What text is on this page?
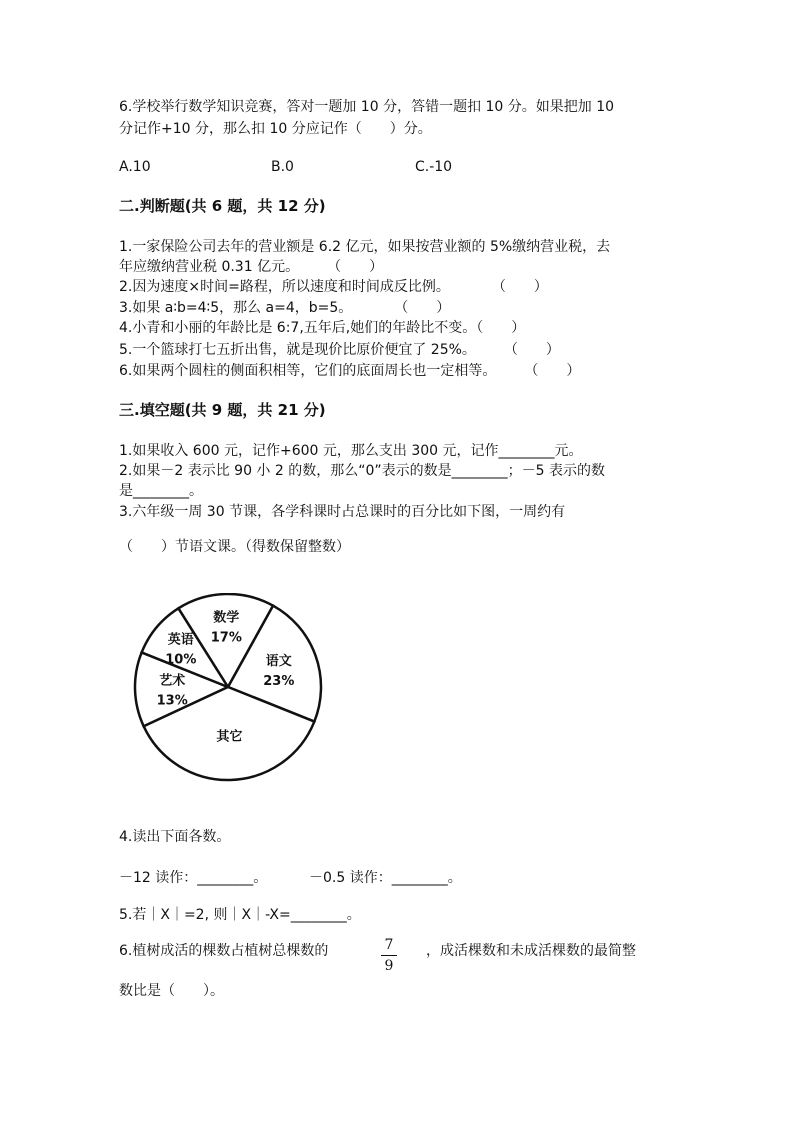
6.学校举行数学知识竞赛，答对一题加 10 分，答错一题扣 10 分。如果把加 10
分记作+10 分，那么扣 10 分应记作（　　）分。
A.10	B.0	C.-10
二.判断题(共 6 题，共 12 分)
1.一家保险公司去年的营业额是 6.2 亿元，如果按营业额的 5%缴纳营业税，去
年应缴纳营业税 0.31 亿元。　　　（　　）
2.因为速度×时间=路程，所以速度和时间成反比例。　　　　（　　）
3.如果 a∶b=4∶5，那么 a=4，b=5。　　　　（　　）
4.小青和小丽的年龄比是 6:7,五年后,她们的年龄比不变。（　　）
5.一个篮球打七五折出售，就是现价比原价便宜了 25%。　　　（　　）
6.如果两个圆柱的侧面积相等，它们的底面周长也一定相等。　　　（　　）
三.填空题(共 9 题，共 21 分)
1.如果收入 600 元，记作+600 元，那么支出 300 元，记作________元。
2.如果－2 表示比 90 小 2 的数，那么“0”表示的数是________；－5 表示的数
是________。
3.六年级一周 30 节课，各学科课时占总课时的百分比如下图，一周约有
（　　）节语文课。（得数保留整数）
艺术
13%
英语
10%
数学
17%
语文
23%
其它
4.读出下面各数。
－12 读作：________。	－0.5 读作：________。
5.若｜X｜=2, 则｜X｜-X=________。
6.植树成活的棵数占植树总棵数的	7
9
，成活棵数和未成活棵数的最简整
数比是（　　）。
